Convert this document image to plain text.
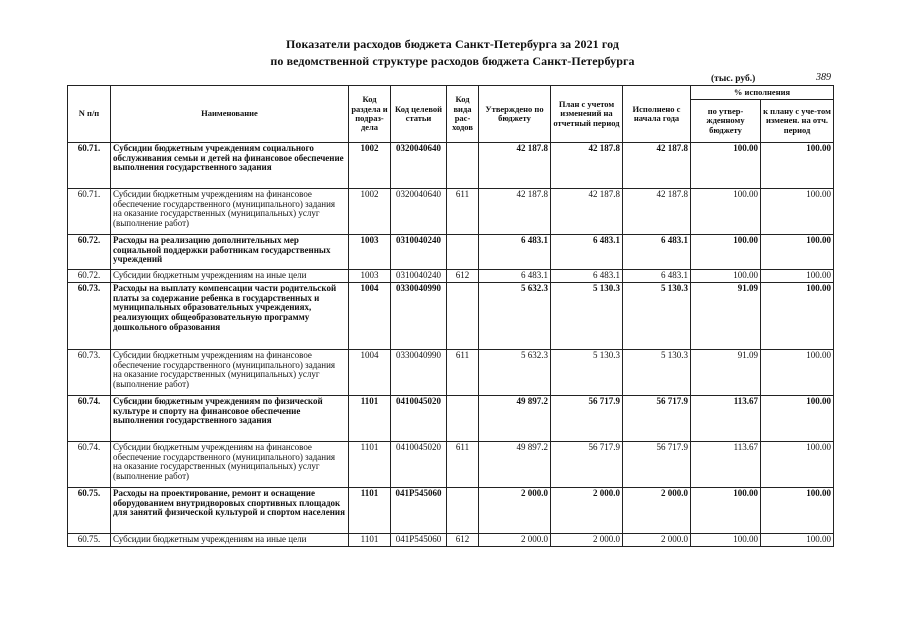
Показатели расходов бюджета Санкт-Петербурга за 2021 год
по ведомственной структуре расходов бюджета Санкт-Петербурга
(тыс. руб.)	389
N п/п	Наименование	Код раздела и подраз-дела	Код целевой статьи	Код вида рас-ходов	Утверждено по бюджету	План с учетом изменений на отчетный период	Исполнено с начала года	% исполнения	
								по утвер-жденному бюджету	к плану с уче-том изменен. на отч. период
60.71.	Субсидии бюджетным учреждениям социального обслуживания семьи и детей на финансовое обеспечение выполнения государственного задания	1002	0320040640		42 187.8	42 187.8	42 187.8	100.00	100.00
60.71.	Субсидии бюджетным учреждениям на финансовое обеспечение государственного (муниципального) задания на оказание государственных (муниципальных) услуг (выполнение работ)	1002	0320040640	611	42 187.8	42 187.8	42 187.8	100.00	100.00
60.72.	Расходы на реализацию дополнительных мер социальной поддержки работникам государственных учреждений	1003	0310040240		6 483.1	6 483.1	6 483.1	100.00	100.00
60.72.	Субсидии бюджетным учреждениям на иные цели	1003	0310040240	612	6 483.1	6 483.1	6 483.1	100.00	100.00
60.73.	Расходы на выплату компенсации части родительской платы за содержание ребенка в государственных и муниципальных образовательных учреждениях, реализующих общеобразовательную программу дошкольного образования	1004	0330040990		5 632.3	5 130.3	5 130.3	91.09	100.00
60.73.	Субсидии бюджетным учреждениям на финансовое обеспечение государственного (муниципального) задания на оказание государственных (муниципальных) услуг (выполнение работ)	1004	0330040990	611	5 632.3	5 130.3	5 130.3	91.09	100.00
60.74.	Субсидии бюджетным учреждениям по физической культуре и спорту на финансовое обеспечение выполнения государственного задания	1101	0410045020		49 897.2	56 717.9	56 717.9	113.67	100.00
60.74.	Субсидии бюджетным учреждениям на финансовое обеспечение государственного (муниципального) задания на оказание государственных (муниципальных) услуг (выполнение работ)	1101	0410045020	611	49 897.2	56 717.9	56 717.9	113.67	100.00
60.75.	Расходы на проектирование, ремонт и оснащение оборудованием внутридворовых спортивных площадок для занятий физической культурой и спортом населения	1101	041P545060		2 000.0	2 000.0	2 000.0	100.00	100.00
60.75.	Субсидии бюджетным учреждениям на иные цели	1101	041P545060	612	2 000.0	2 000.0	2 000.0	100.00	100.00
